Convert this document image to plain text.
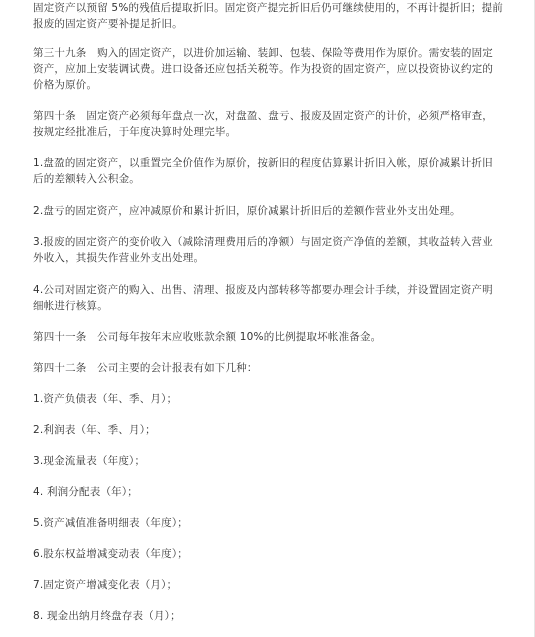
固定资产以预留 5%的残值后提取折旧。固定资产提完折旧后仍可继续使用的，不再计提折旧；提前报废的固定资产要补提足折旧。

第三十九条   购入的固定资产，以进价加运输、装卸、包装、保险等费用作为原价。需安装的固定资产，应加上安装调试费。进口设备还应包括关税等。作为投资的固定资产，应以投资协议约定的价格为原价。

第四十条   固定资产必须每年盘点一次，对盘盈、盘亏、报废及固定资产的计价，必须严格审查，按规定经批准后，于年度决算时处理完毕。

1.盘盈的固定资产，以重置完全价值作为原价，按新旧的程度估算累计折旧入帐，原价减累计折旧后的差额转入公积金。

2.盘亏的固定资产，应冲减原价和累计折旧，原价减累计折旧后的差额作营业外支出处理。

3.报废的固定资产的变价收入（减除清理费用后的净额）与固定资产净值的差额，其收益转入营业外收入，其损失作营业外支出处理。

4.公司对固定资产的购入、出售、清理、报废及内部转移等都要办理会计手续，并设置固定资产明细帐进行核算。

第四十一条   公司每年按年末应收账款余额 10%的比例提取坏帐准备金。

第四十二条   公司主要的会计报表有如下几种：

1.资产负债表（年、季、月）；

2.利润表（年、季、月）；

3.现金流量表（年度）；

4. 利润分配表（年）；

5.资产减值准备明细表（年度）；

6.股东权益增减变动表（年度）；

7.固定资产增减变化表（月）；

8. 现金出纳月终盘存表（月）；
